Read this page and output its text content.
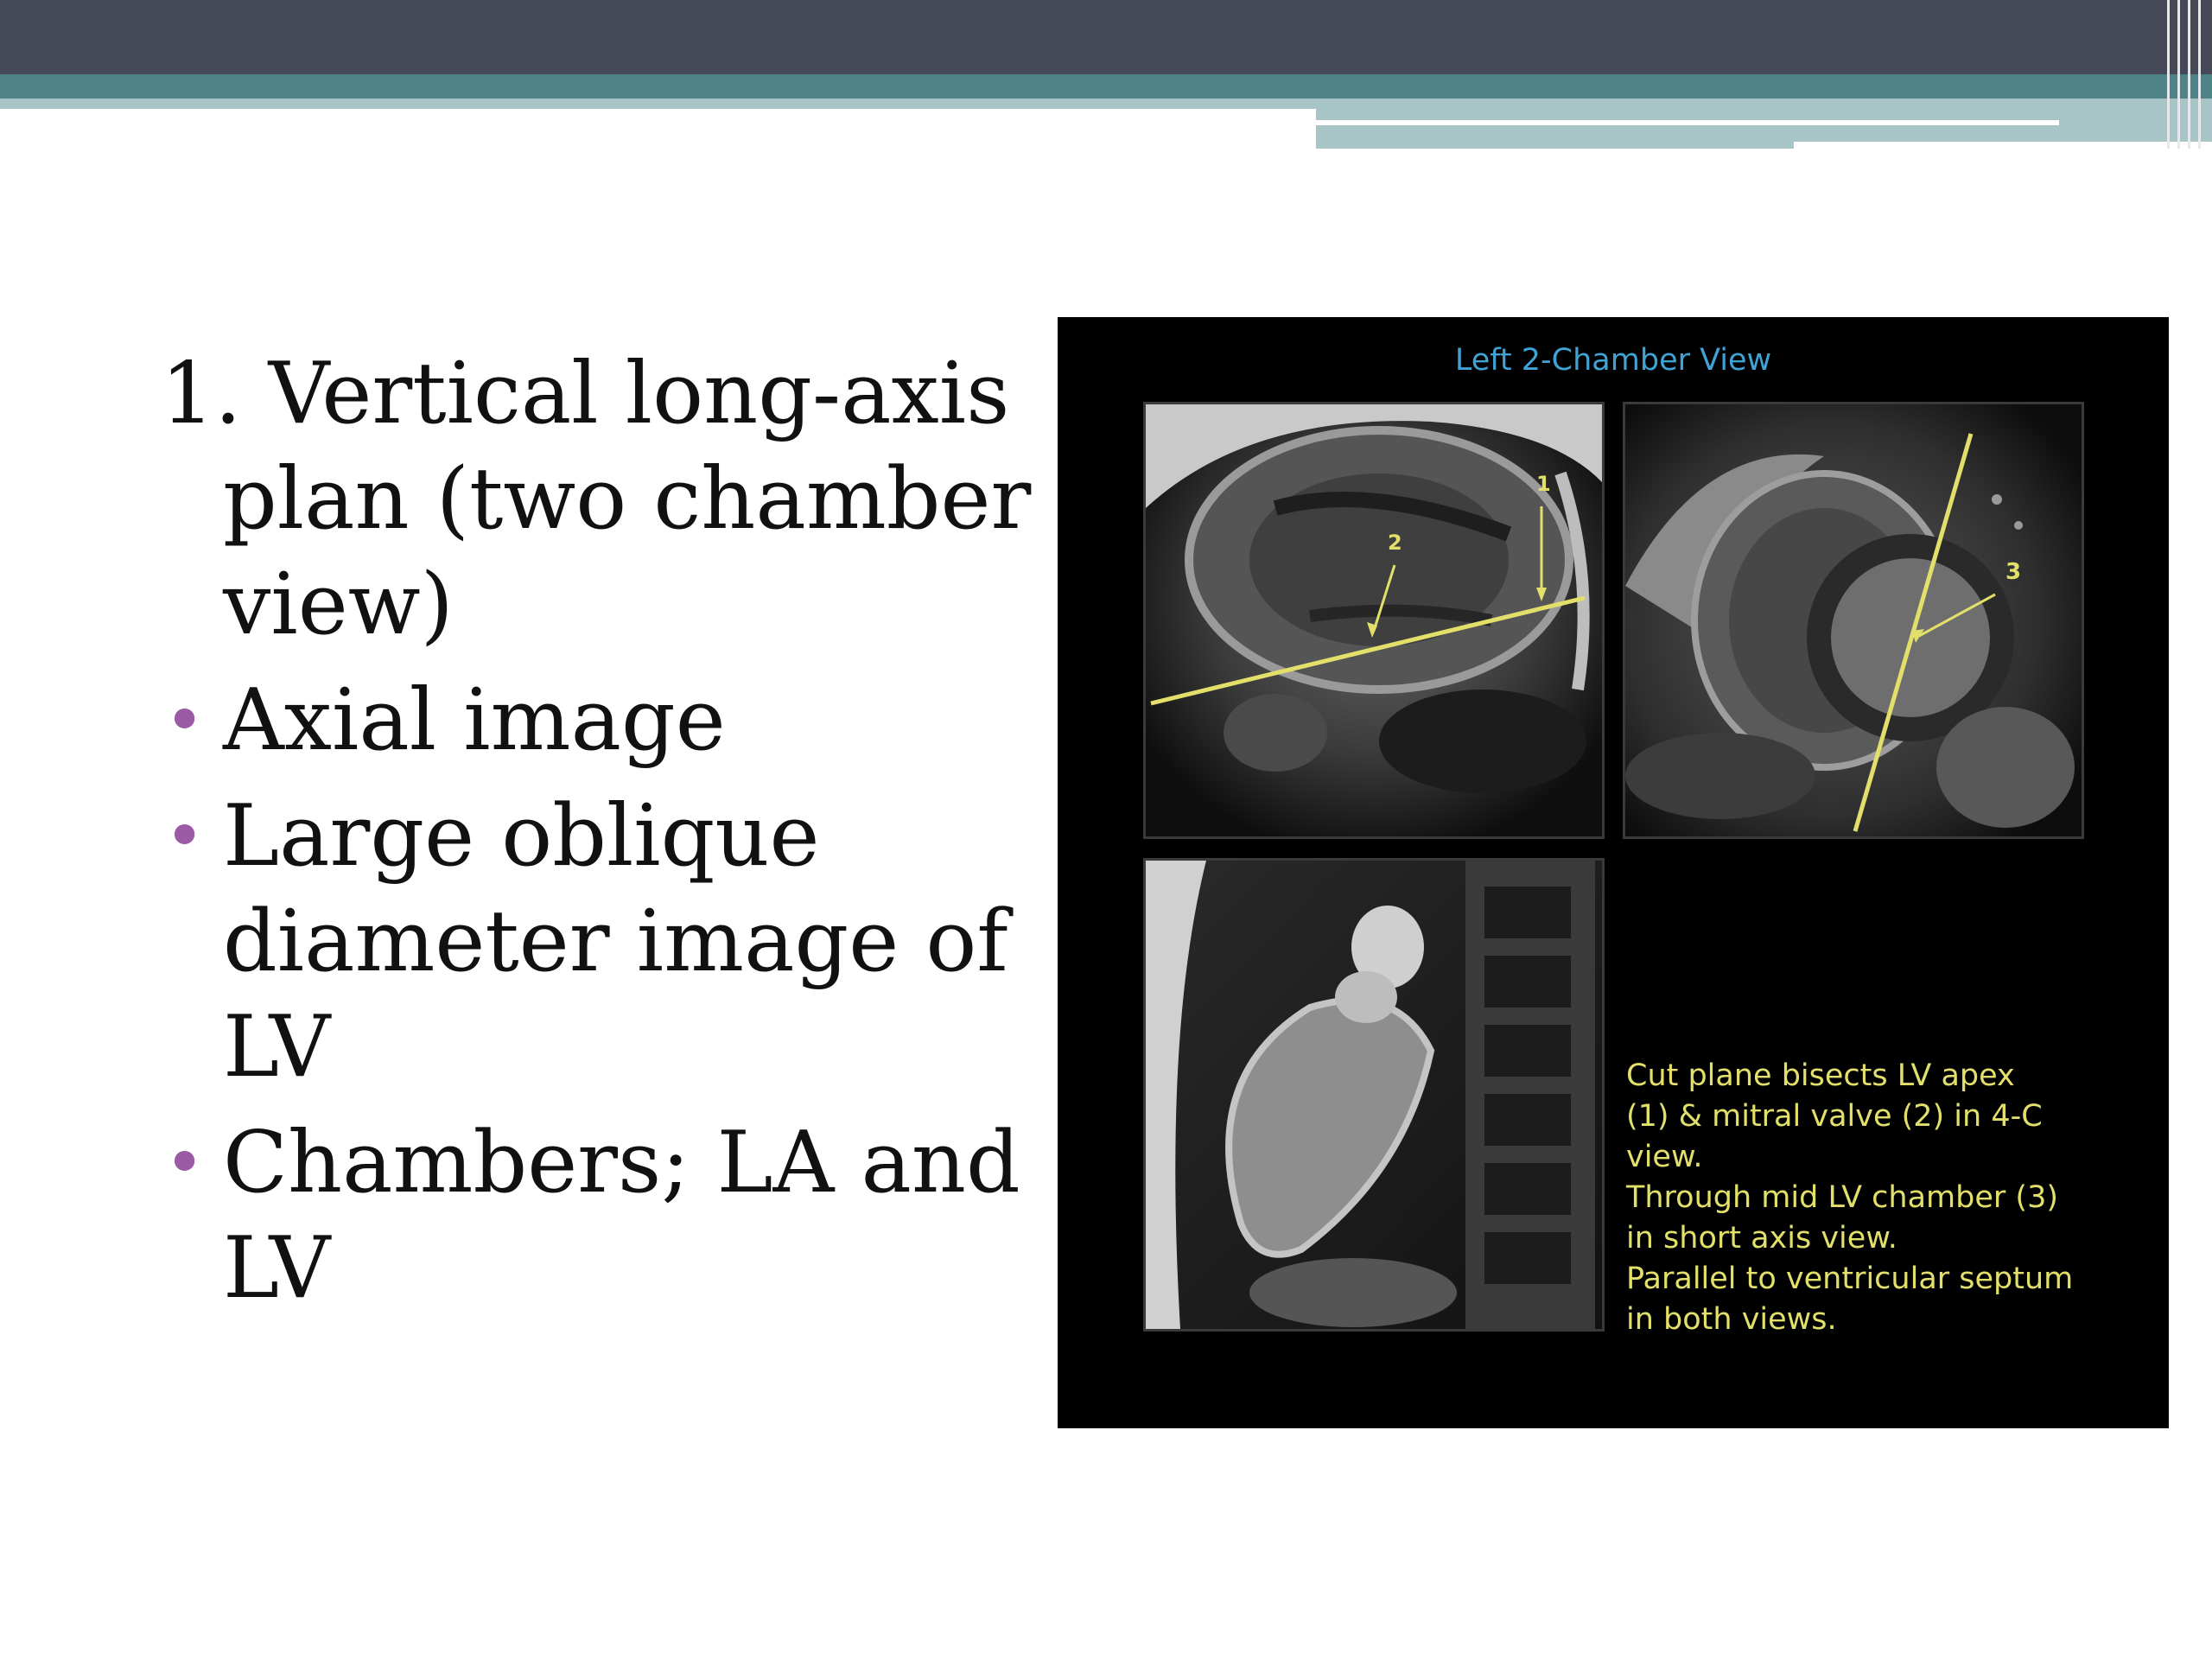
1. Vertical long-axis plan (two chamber view)
• Axial image
• Large oblique diameter image of LV
• Chambers; LA and LV
Left 2-Chamber View
1
2
3
Cut plane bisects LV apex
(1) & mitral valve (2) in 4-C
view.
Through mid LV chamber (3)
in short axis view.
Parallel to ventricular septum
in both views.
